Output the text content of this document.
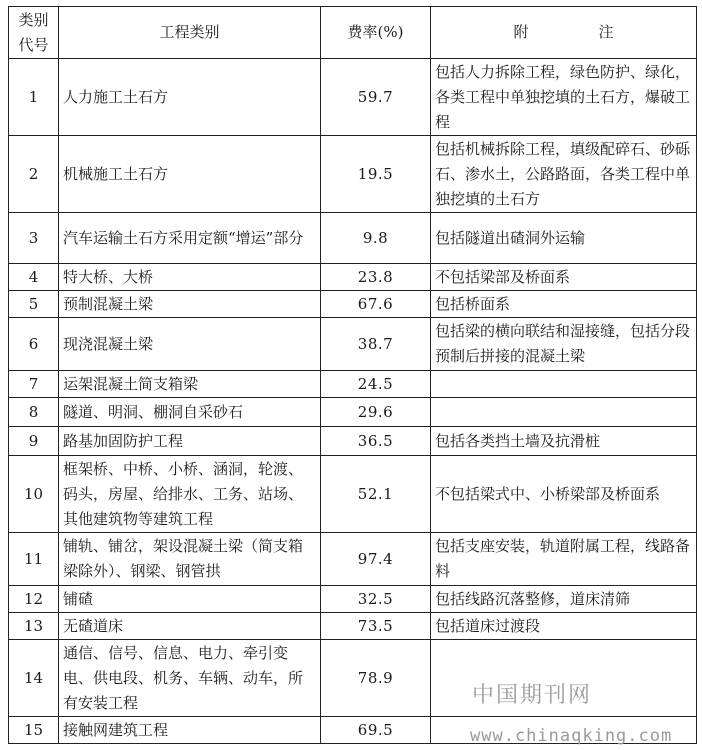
类别代号	工程类别	费率(%)	附 注
1	人力施工土石方	59.7	包括人力拆除工程，绿色防护、绿化，各类工程中单独挖填的土石方，爆破工程
2	机械施工土石方	19.5	包括机械拆除工程，填级配碎石、砂砾石、渗水土，公路路面，各类工程中单独挖填的土石方
3	汽车运输土石方采用定额“增运”部分	9.8	包括隧道出碴洞外运输
4	特大桥、大桥	23.8	不包括梁部及桥面系
5	预制混凝土梁	67.6	包括桥面系
6	现浇混凝土梁	38.7	包括梁的横向联结和湿接缝，包括分段预制后拼接的混凝土梁
7	运架混凝土简支箱梁	24.5	
8	隧道、明洞、棚洞自采砂石	29.6	
9	路基加固防护工程	36.5	包括各类挡土墙及抗滑桩
10	框架桥、中桥、小桥、涵洞，轮渡、码头，房屋、给排水、工务、站场、其他建筑物等建筑工程	52.1	不包括梁式中、小桥梁部及桥面系
11	铺轨、铺岔，架设混凝土梁（简支箱梁除外）、钢梁、钢管拱	97.4	包括支座安装，轨道附属工程，线路备料
12	铺碴	32.5	包括线路沉落整修，道床清筛
13	无碴道床	73.5	包括道床过渡段
14	通信、信号、信息、电力、牵引变电、供电段、机务、车辆、动车，所有安装工程	78.9	
15	接触网建筑工程	69.5	
中国期刊网
www.chinaqking.com
